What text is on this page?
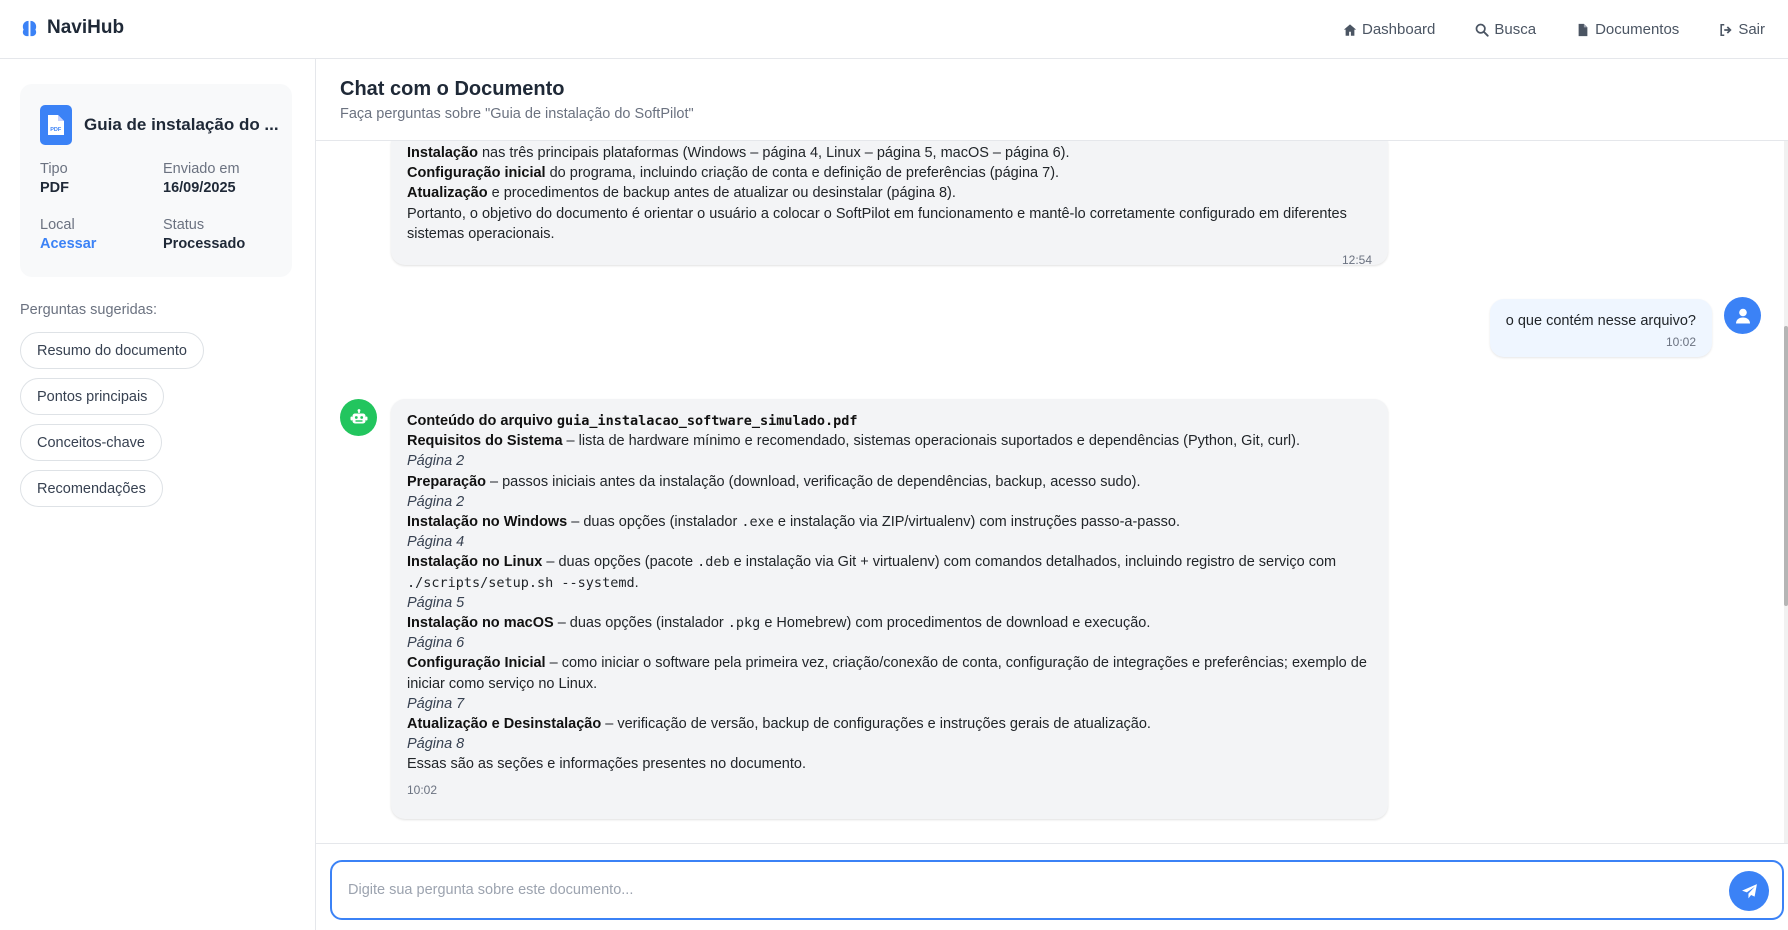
NaviHub	Dashboard	Busca	Documentos	Sair
PDF Guia de instalação do ...
Tipo
PDF
Enviado em
16/09/2025
Local
Acessar
Status
Processado
Perguntas sugeridas:
Resumo do documento
Pontos principais
Conceitos-chave
Recomendações
Chat com o Documento
Faça perguntas sobre "Guia de instalação do SoftPilot"
Instalação nas três principais plataformas (Windows – página 4, Linux – página 5, macOS – página 6).
Configuração inicial do programa, incluindo criação de conta e definição de preferências (página 7).
Atualização e procedimentos de backup antes de atualizar ou desinstalar (página 8).
Portanto, o objetivo do documento é orientar o usuário a colocar o SoftPilot em funcionamento e mantê-lo corretamente configurado em diferentes sistemas operacionais.
12:54
o que contém nesse arquivo?
10:02
Conteúdo do arquivo guia_instalacao_software_simulado.pdf
Requisitos do Sistema – lista de hardware mínimo e recomendado, sistemas operacionais suportados e dependências (Python, Git, curl).
Página 2
Preparação – passos iniciais antes da instalação (download, verificação de dependências, backup, acesso sudo).
Página 2
Instalação no Windows – duas opções (instalador .exe e instalação via ZIP/virtualenv) com instruções passo-a-passo.
Página 4
Instalação no Linux – duas opções (pacote .deb e instalação via Git + virtualenv) com comandos detalhados, incluindo registro de serviço com ./scripts/setup.sh --systemd.
Página 5
Instalação no macOS – duas opções (instalador .pkg e Homebrew) com procedimentos de download e execução.
Página 6
Configuração Inicial – como iniciar o software pela primeira vez, criação/conexão de conta, configuração de integrações e preferências; exemplo de iniciar como serviço no Linux.
Página 7
Atualização e Desinstalação – verificação de versão, backup de configurações e instruções gerais de atualização.
Página 8
Essas são as seções e informações presentes no documento.
10:02
Digite sua pergunta sobre este documento...
